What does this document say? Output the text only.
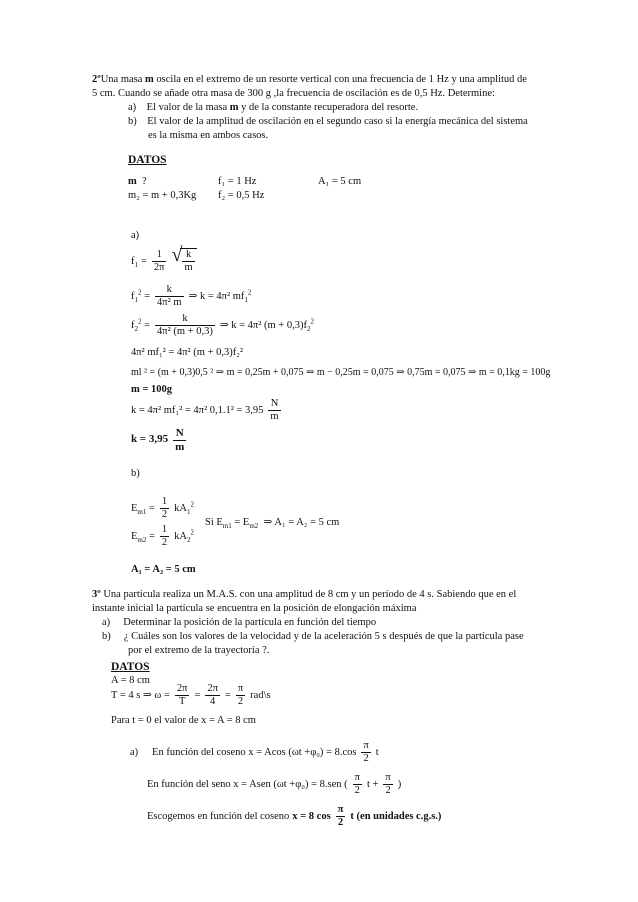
2ºUna masa m oscila en el extremo de un resorte vertical con una frecuencia de 1 Hz y una amplitud de
5 cm. Cuando se añade otra masa de 300 g ,la frecuencia de oscilación es de 0,5 Hz. Determine:
a) El valor de la masa m y de la constante recuperadora del resorte.
b) El valor de la amplitud de oscilación en el segundo caso si la energía mecánica del sistema
es la misma en ambos casos.
DATOS
m ?	f₁ = 1 Hz	A₁ = 5 cm
m₂ = m + 0,3Kg f₂ = 0,5 Hz
a)
$f_1 = \frac{1}{2\pi}$ √ $\frac{k}{m}$
$f_1^2 = \frac{k}{\text{4π² m}}$ ⇒ k = 4π² $mf_1^2$
$f_2^2 = \frac{k}{\text{4π² (m + 0,3)}}$ ⇒ k = 4π² $(m + 0,3)f_2^2$
4π² mf₁² = 4π² (m + 0,3)f₂²
ml ² = (m + 0,3)0,5 ² ⇒ m = 0,25m + 0,075 ⇒ m − 0,25m = 0,075 ⇒ 0,75m = 0,075 ⇒ m = 0,1kg = 100g
m = 100g
k = 4π² mf₁² = 4π² $0,1.1^2 = 3,95 \frac{N}{m}$
$k = 3,95 \frac{N}{m}$
b)
$E_{m1} = \frac{1}{2} kA_1^2$
$E_{m2} = \frac{1}{2} kA_2^2$
Si $E_{m1} = E_{m2}$ ⇒ A₁ = A₂ = 5 cm
A₁ = A₂ = 5 cm
3º Una partícula realiza un M.A.S. con una amplitud de 8 cm y un período de 4 s. Sabiendo que en el
instante inicial la partícula se encuentra en la posición de elongación máxima
a) Determinar la posición de la partícula en función del tiempo
b) ¿ Cuáles son los valores de la velocidad y de la aceleración 5 s después de que la partícula pase
por el extremo de la trayectoria ?.
DATOS
A = 8 cm
T = 4 s ⇒ $\omega = \frac{2\pi}{T} = \frac{2\pi}{4} = \frac{\pi}{2}$ rad\s
Para t = 0 el valor de x = A = 8 cm
a)
En función del coseno x = Acos $(\omega t +\varphi_0) = 8.\cos \frac{\pi}{2}$ t
En función del seno x = Asen (ωt +φ₀) = 8.sen ( $\frac{\pi}{2}$ $t + \frac{\pi}{2}$ )
Escogemos en función del coseno x = 8 $\cos \frac{\pi}{2}$ t (en unidades c.g.s.)
